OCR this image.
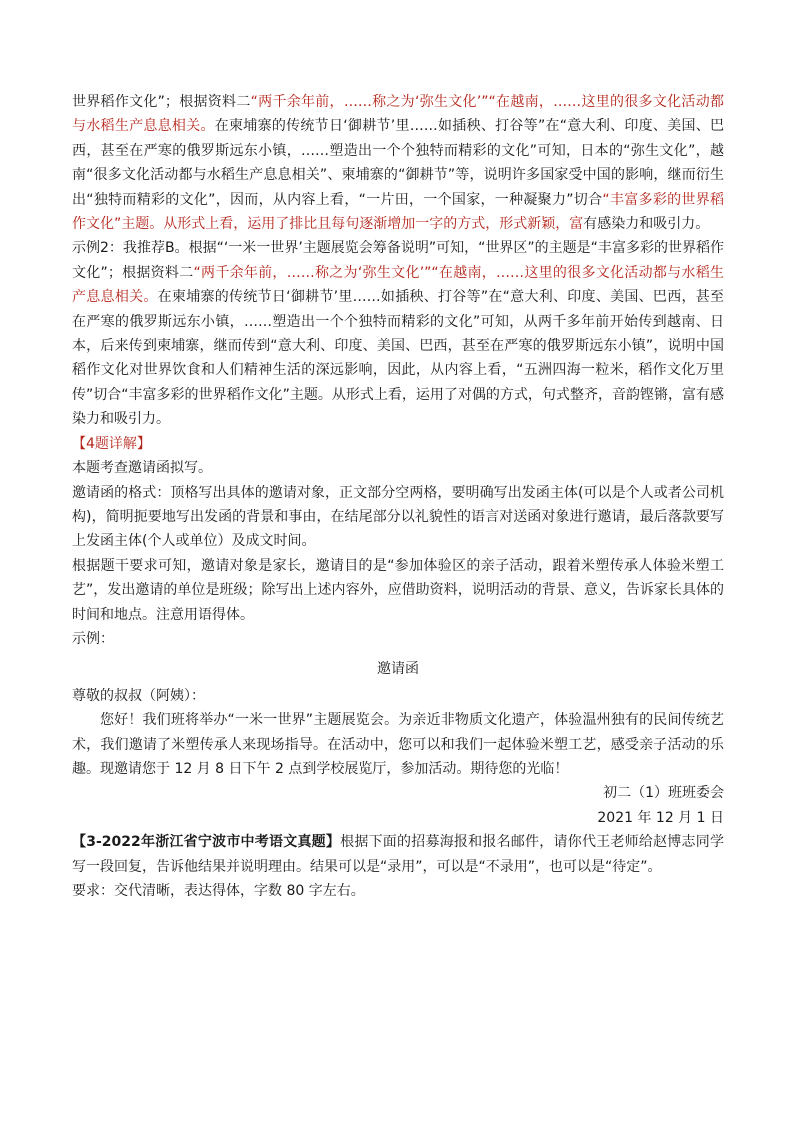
世界稻作文化”；根据资料二“两千余年前，……称之为‘弥生文化’”“在越南，……这里的很多文化活动都与水稻生产息息相关。在柬埔寨的传统节日‘御耕节’里……如插秧、打谷等”在“意大利、印度、美国、巴西，甚至在严寒的俄罗斯远东小镇，……塑造出一个个独特而精彩的文化”可知，日本的“弥生文化”，越南“很多文化活动都与水稻生产息息相关”、柬埔寨的“御耕节”等，说明许多国家受中国的影响，继而衍生出“独特而精彩的文化”，因而，从内容上看，“一片田，一个国家，一种凝聚力”切合“丰富多彩的世界稻作文化”主题。从形式上看，运用了排比且每句逐渐增加一字的方式，形式新颖，富有感染力和吸引力。

示例2：我推荐B。根据“‘一米一世界’主题展览会筹备说明”可知，“世界区”的主题是“丰富多彩的世界稻作文化”；根据资料二“两千余年前，……称之为‘弥生文化’”“在越南，……这里的很多文化活动都与水稻生产息息相关。在柬埔寨的传统节日‘御耕节’里……如插秧、打谷等”在“意大利、印度、美国、巴西，甚至在严寒的俄罗斯远东小镇，……塑造出一个个独特而精彩的文化”可知，从两千多年前开始传到越南、日本，后来传到柬埔寨，继而传到“意大利、印度、美国、巴西，甚至在严寒的俄罗斯远东小镇”，说明中国稻作文化对世界饮食和人们精神生活的深远影响，因此，从内容上看，“五洲四海一粒米，稻作文化万里传”切合“丰富多彩的世界稻作文化”主题。从形式上看，运用了对偶的方式，句式整齐，音韵铿锵，富有感染力和吸引力。

【4题详解】

本题考查邀请函拟写。

邀请函的格式：顶格写出具体的邀请对象，正文部分空两格，要明确写出发函主体(可以是个人或者公司机构)，简明扼要地写出发函的背景和事由，在结尾部分以礼貌性的语言对送函对象进行邀请，最后落款要写上发函主体(个人或单位）及成文时间。

根据题干要求可知，邀请对象是家长，邀请目的是“参加体验区的亲子活动，跟着米塑传承人体验米塑工艺”，发出邀请的单位是班级；除写出上述内容外，应借助资料，说明活动的背景、意义，告诉家长具体的时间和地点。注意用语得体。

示例：

邀请函

尊敬的叔叔（阿姨）：

您好！我们班将举办“一米一世界”主题展览会。为亲近非物质文化遗产，体验温州独有的民间传统艺术，我们邀请了米塑传承人来现场指导。在活动中，您可以和我们一起体验米塑工艺，感受亲子活动的乐趣。现邀请您于 12 月 8 日下午 2 点到学校展览厅，参加活动。期待您的光临！

初二（1）班班委会

2021 年 12 月 1 日

【3-2022年浙江省宁波市中考语文真题】根据下面的招募海报和报名邮件，请你代王老师给赵博志同学写一段回复，告诉他结果并说明理由。结果可以是“录用”，可以是“不录用”，也可以是“待定”。

要求：交代清晰，表达得体，字数 80 字左右。
